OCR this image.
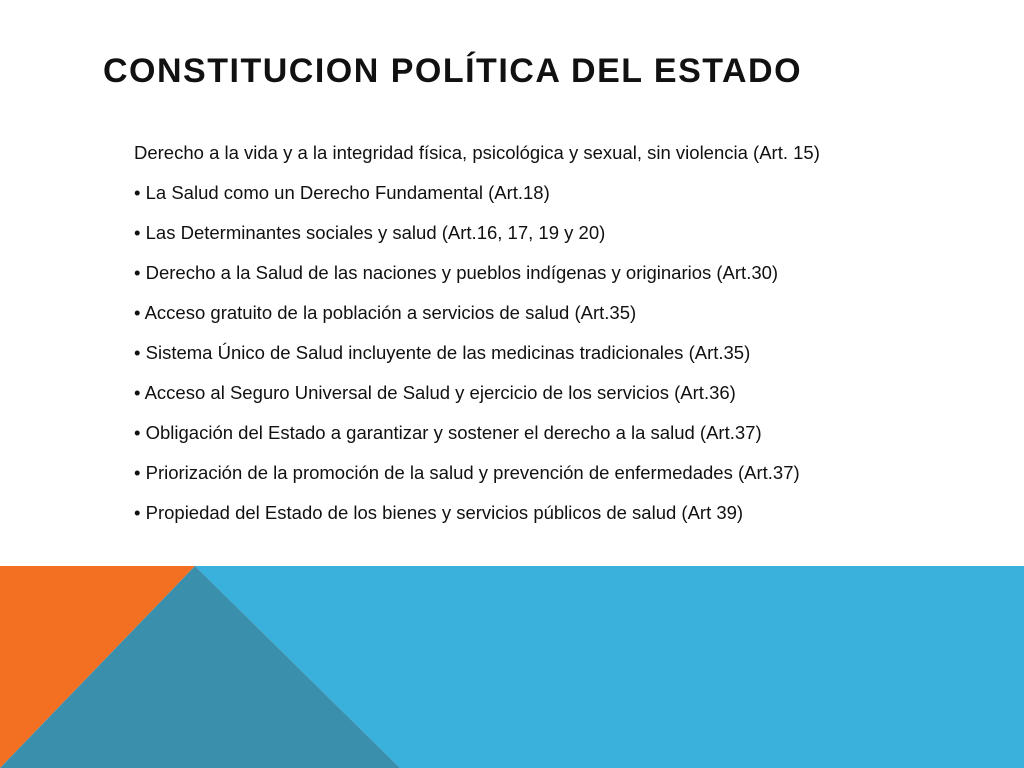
CONSTITUCION POLÍTICA DEL ESTADO

Derecho a la vida y a la integridad física, psicológica y sexual, sin violencia (Art. 15)

• La Salud como un Derecho Fundamental (Art.18)

• Las Determinantes sociales y salud (Art.16, 17, 19 y 20)

• Derecho a la Salud de las naciones y pueblos indígenas y originarios (Art.30)

• Acceso gratuito de la población a servicios de salud (Art.35)

• Sistema Único de Salud incluyente de las medicinas tradicionales (Art.35)

• Acceso al Seguro Universal de Salud y ejercicio de los servicios (Art.36)

• Obligación del Estado a garantizar y sostener el derecho a la salud (Art.37)

• Priorización de la promoción de la salud y prevención de enfermedades (Art.37)

• Propiedad del Estado de los bienes y servicios públicos de salud (Art 39)
